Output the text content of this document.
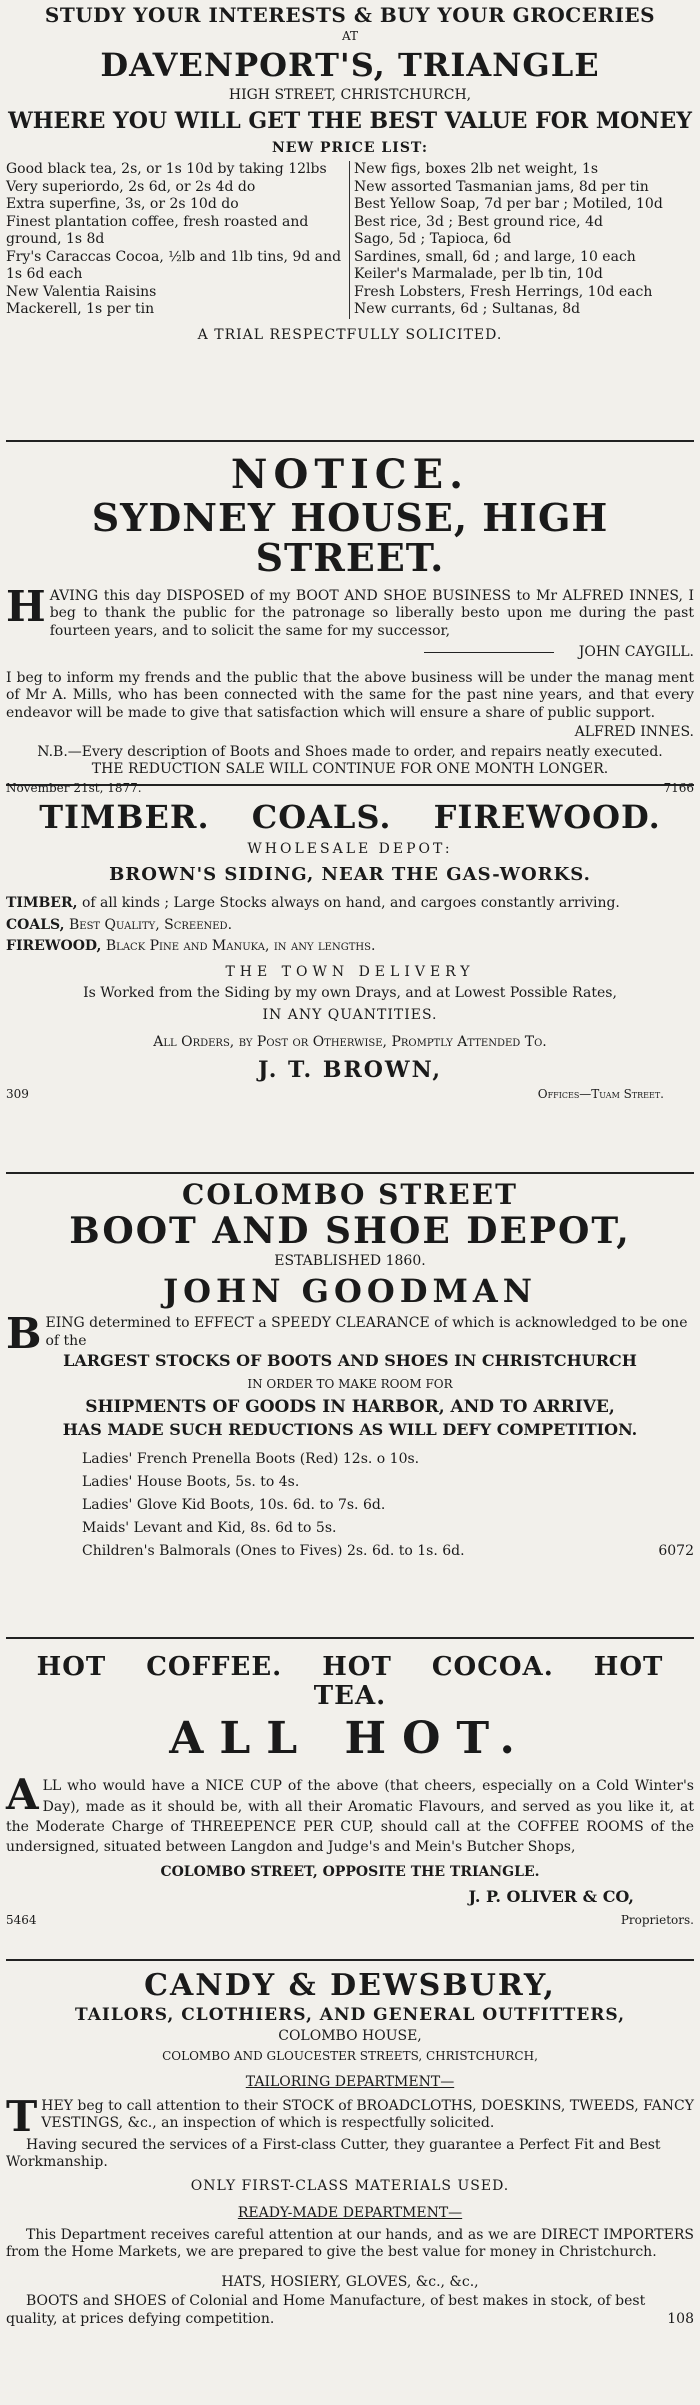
STUDY YOUR INTERESTS & BUY YOUR GROCERIES
AT
DAVENPORT'S, TRIANGLE
HIGH STREET, CHRISTCHURCH,
WHERE YOU WILL GET THE BEST VALUE FOR MONEY
NEW PRICE LIST:

Good black tea, 2s, or 1s 10d by taking 12lbs

Very superiordo, 2s 6d, or 2s 4d do

Extra superfine, 3s, or 2s 10d do

Finest plantation coffee, fresh roasted and ground, 1s 8d

Fry's Caraccas Cocoa, ½lb and 1lb tins, 9d and 1s 6d each

New Valentia Raisins

Mackerell, 1s per tin

New figs, boxes 2lb net weight, 1s

New assorted Tasmanian jams, 8d per tin

Best Yellow Soap, 7d per bar ; Motiled, 10d

Best rice, 3d ; Best ground rice, 4d

Sago, 5d ; Tapioca, 6d

Sardines, small, 6d ; and large, 10 each

Keiler's Marmalade, per lb tin, 10d

Fresh Lobsters, Fresh Herrings, 10d each

New currants, 6d ; Sultanas, 8d

A TRIAL RESPECTFULLY SOLICITED.
NOTICE.
SYDNEY HOUSE, HIGH STREET.
HAVING this day DISPOSED of my BOOT AND SHOE BUSINESS to Mr ALFRED INNES, I beg to thank the public for the patronage so liberally besto upon me during the past fourteen years, and to solicit the same for my successor,
JOHN CAYGILL.

I beg to inform my frends and the public that the above business will be under the manag ment of Mr A. Mills, who has been connected with the same for the past nine years, and that every endeavor will be made to give that satisfaction which will ensure a share of public support.

ALFRED INNES.
N.B.—Every description of Boots and Shoes made to order, and repairs neatly executed.
THE REDUCTION SALE WILL CONTINUE FOR ONE MONTH LONGER.
November 21st, 1877.	7166
TIMBER. COALS. FIREWOOD.
WHOLESALE DEPOT:
BROWN'S SIDING, NEAR THE GAS-WORKS.
TIMBER, of all kinds ; Large Stocks always on hand, and cargoes constantly arriving.
COALS, Best Quality, Screened.
FIREWOOD, Black Pine and Manuka, in any lengths.
THE TOWN DELIVERY
Is Worked from the Siding by my own Drays, and at Lowest Possible Rates,
IN ANY QUANTITIES.
All Orders, by Post or Otherwise, Promptly Attended To.
J. T. BROWN,
309	Offices—Tuam Street.
COLOMBO STREET
BOOT AND SHOE DEPOT,
ESTABLISHED 1860.
JOHN GOODMAN
BEING determined to EFFECT a SPEEDY CLEARANCE of which is acknowledged to be one of the
LARGEST STOCKS OF BOOTS AND SHOES IN CHRISTCHURCH
IN ORDER TO MAKE ROOM FOR
SHIPMENTS OF GOODS IN HARBOR, AND TO ARRIVE,
HAS MADE SUCH REDUCTIONS AS WILL DEFY COMPETITION.

Ladies' French Prenella Boots (Red) 12s. o 10s.

Ladies' House Boots, 5s. to 4s.

Ladies' Glove Kid Boots, 10s. 6d. to 7s. 6d.

Maids' Levant and Kid, 8s. 6d to 5s.

Children's Balmorals (Ones to Fives) 2s. 6d. to 1s. 6d.	6072
HOT COFFEE. HOT COCOA. HOT TEA.
ALL HOT.
ALL who would have a NICE CUP of the above (that cheers, especially on a Cold Winter's Day), made as it should be, with all their Aromatic Flavours, and served as you like it, at the Moderate Charge of THREEPENCE PER CUP, should call at the COFFEE ROOMS of the undersigned, situated between Langdon and Judge's and Mein's Butcher Shops,
COLOMBO STREET, OPPOSITE THE TRIANGLE.
J. P. OLIVER & CO,
5464	Proprietors.
CANDY & DEWSBURY,
TAILORS, CLOTHIERS, AND GENERAL OUTFITTERS,
COLOMBO HOUSE,
COLOMBO AND GLOUCESTER STREETS, CHRISTCHURCH,
TAILORING DEPARTMENT—
THEY beg to call attention to their STOCK of BROADCLOTHS, DOESKINS, TWEEDS, FANCY VESTINGS, &c., an inspection of which is respectfully solicited.

Having secured the services of a First-class Cutter, they guarantee a Perfect Fit and Best Workmanship.

ONLY FIRST-CLASS MATERIALS USED.
READY-MADE DEPARTMENT—

This Department receives careful attention at our hands, and as we are DIRECT IMPORTERS from the Home Markets, we are prepared to give the best value for money in Christchurch.

HATS, HOSIERY, GLOVES, &c., &c.,

BOOTS and SHOES of Colonial and Home Manufacture, of best makes in stock, of best quality, at prices defying competition.	108
